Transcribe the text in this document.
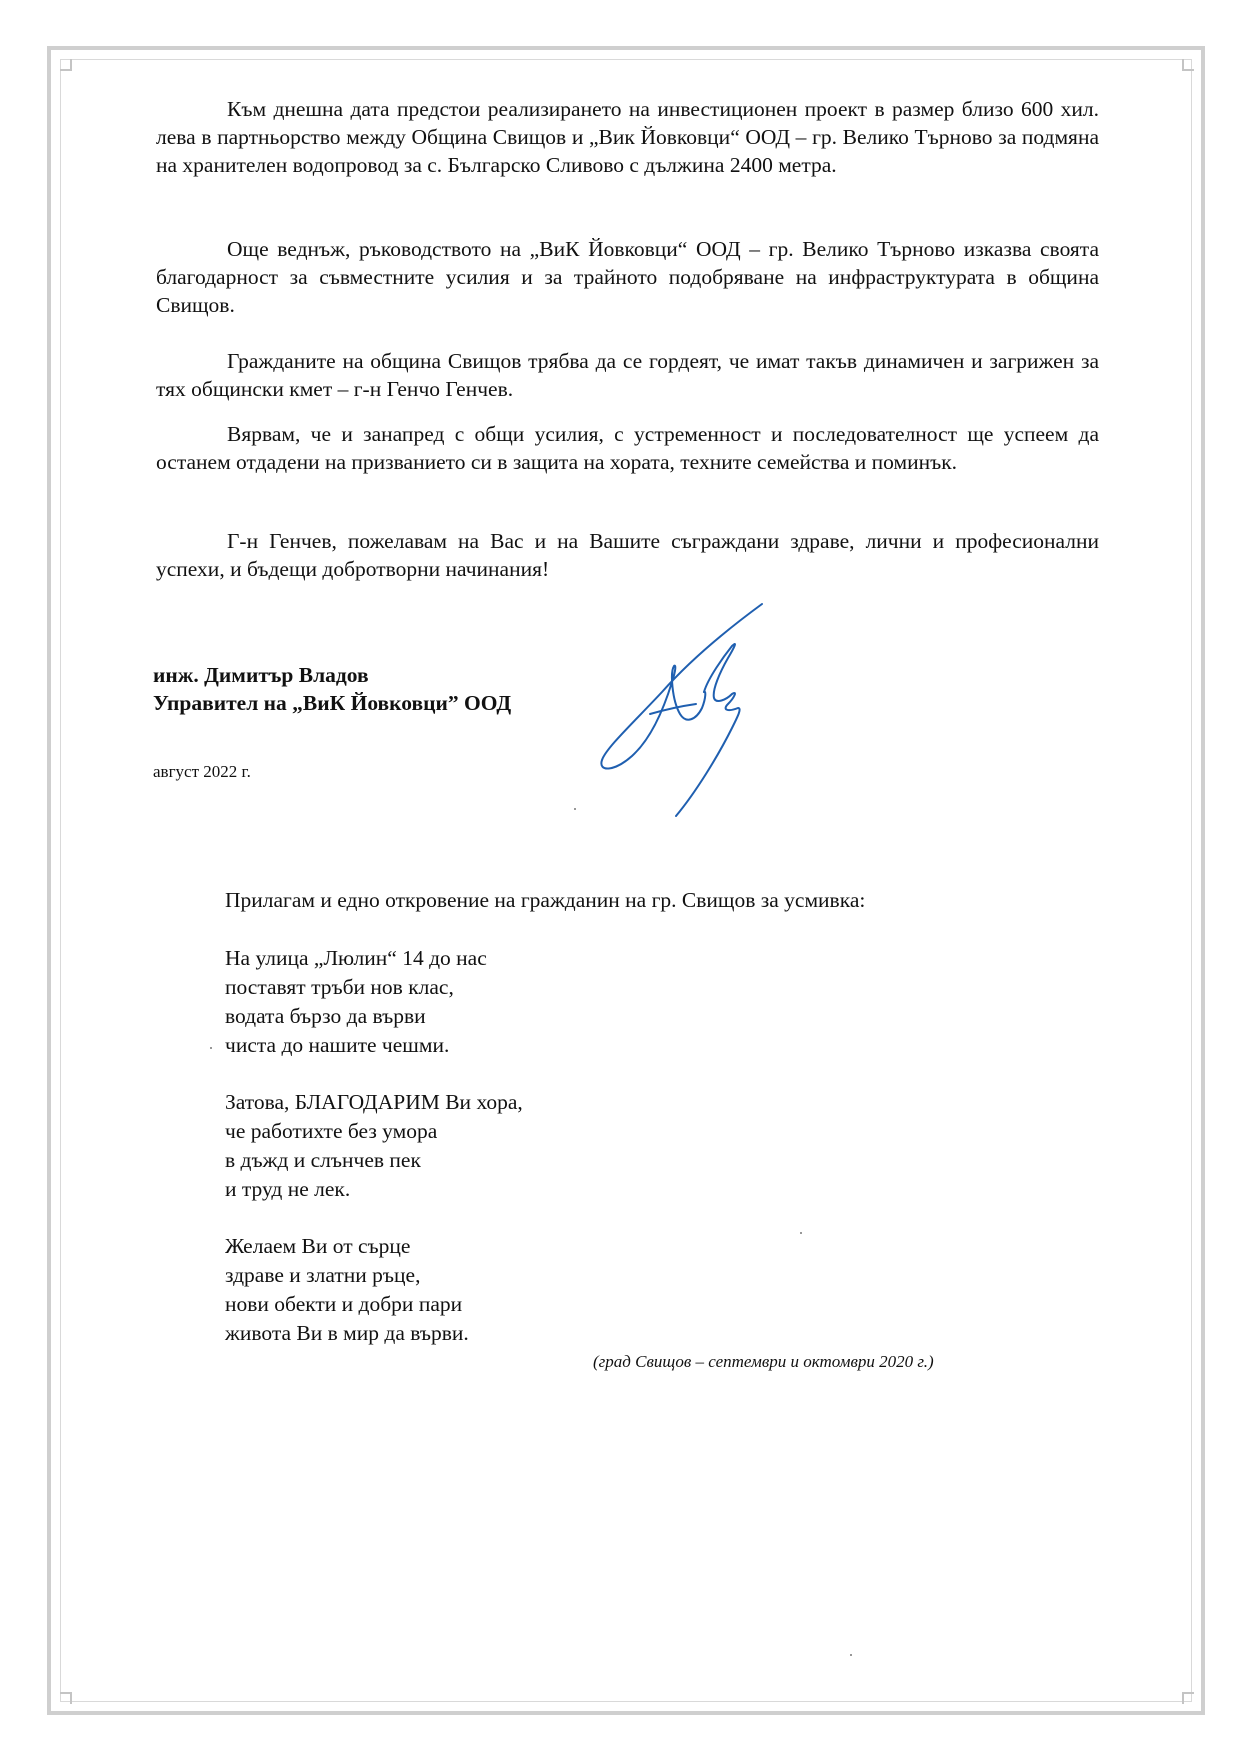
Към днешна дата предстои реализирането на инвестиционен проект в размер близо 600 хил. лева в партньорство между Община Свищов и „Вик Йовковци“ ООД – гр. Велико Търново за подмяна на хранителен водопровод за с. Българско Сливово с дължина 2400 метра.

Още веднъж, ръководството на „ВиК Йовковци“ ООД – гр. Велико Търново изказва своята благодарност за съвместните усилия и за трайното подобряване на инфраструктурата в община Свищов.

Гражданите на община Свищов трябва да се гордеят, че имат такъв динамичен и загрижен за тях общински кмет – г-н Генчо Генчев.

Вярвам, че и занапред с общи усилия, с устременност и последователност ще успеем да останем отдадени на призванието си в защита на хората, техните семейства и поминък.

Г-н Генчев, пожелавам на Вас и на Вашите съграждани здраве, лични и професионални успехи, и бъдещи добротворни начинания!

инж. Димитър Владов
Управител на „ВиК Йовковци” ООД
август 2022 г.
Прилагам и едно откровение на гражданин на гр. Свищов за усмивка:
На улица „Люлин“ 14 до нас
поставят тръби нов клас,
водата бързо да върви
чиста до нашите чешми.
Затова, БЛАГОДАРИМ Ви хора,
че работихте без умора
в дъжд и слънчев пек
и труд не лек.
Желаем Ви от сърце
здраве и златни ръце,
нови обекти и добри пари
живота Ви в мир да върви.
(град Свищов – септември и октомври 2020 г.)
